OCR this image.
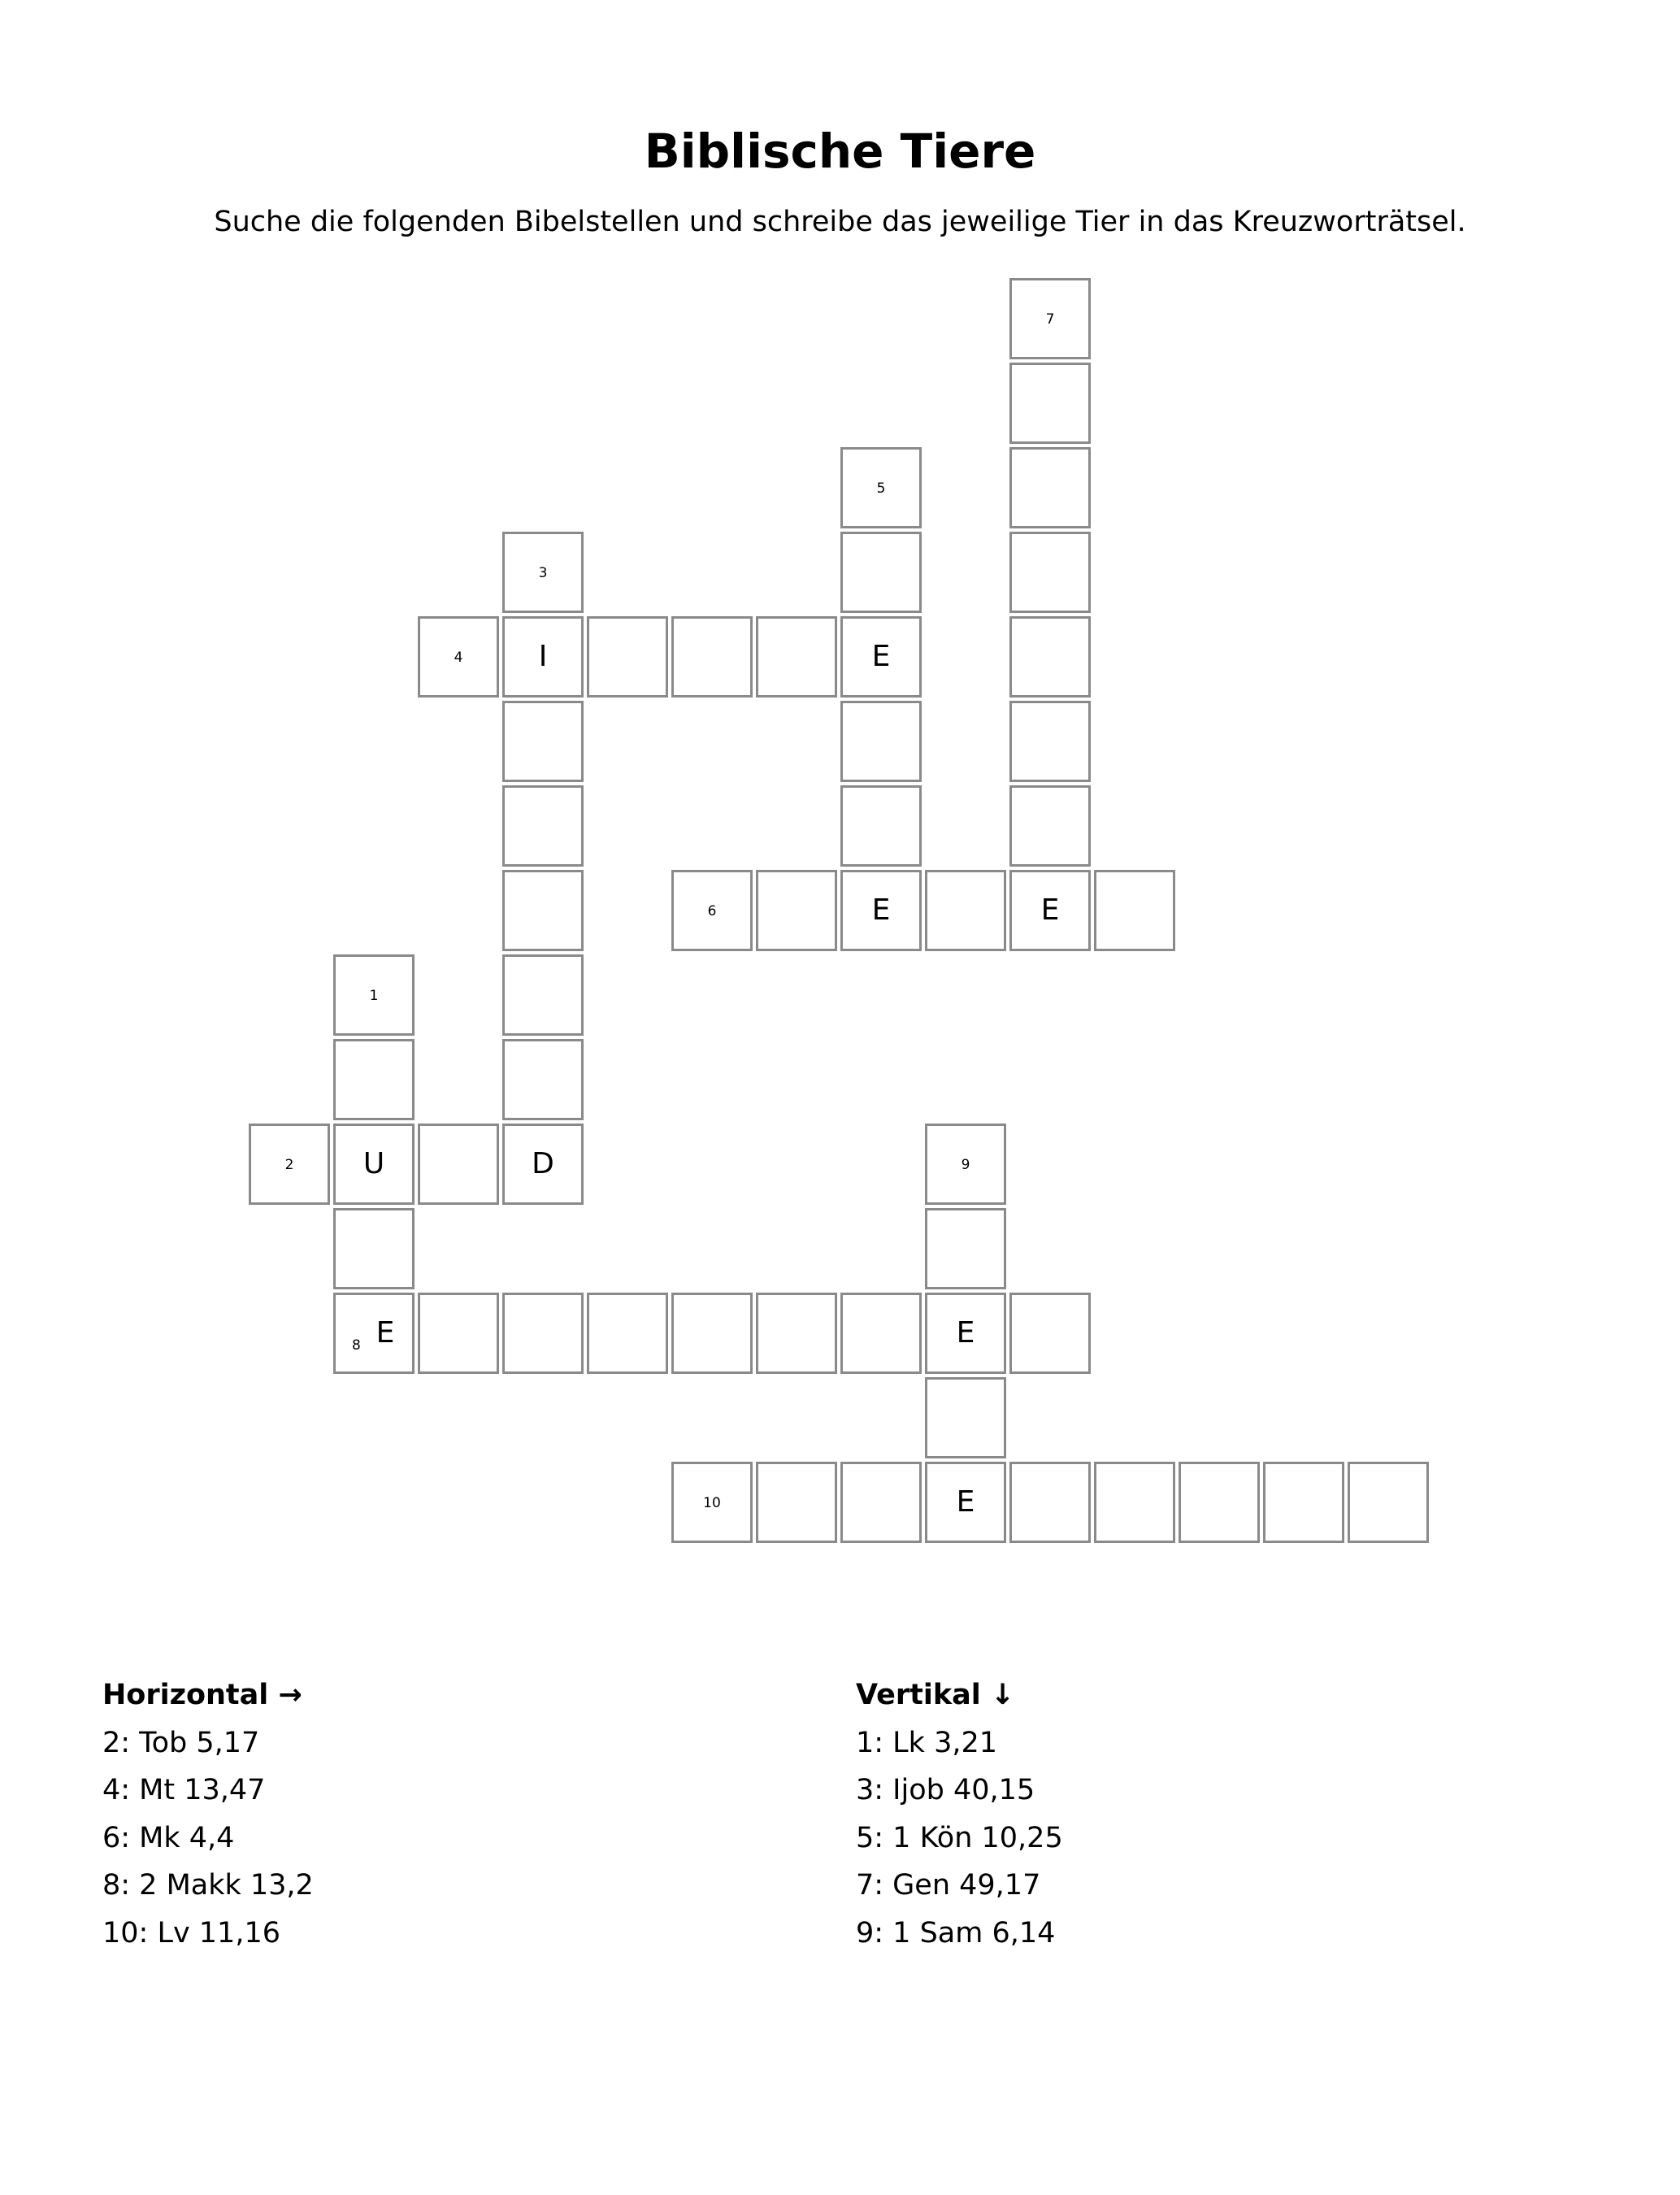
Biblische Tiere
Suche die folgenden Bibelstellen und schreibe das jeweilige Tier in das Kreuzworträtsel.
7
5
3
4	I	E
6	E	E
1
2	U	D	9
8 E	E
10	E
Horizontal →
2: Tob 5,17
4: Mt 13,47
6: Mk 4,4
8: 2 Makk 13,2
10: Lv 11,16
Vertikal ↓
1: Lk 3,21
3: Ijob 40,15
5: 1 Kön 10,25
7: Gen 49,17
9: 1 Sam 6,14
